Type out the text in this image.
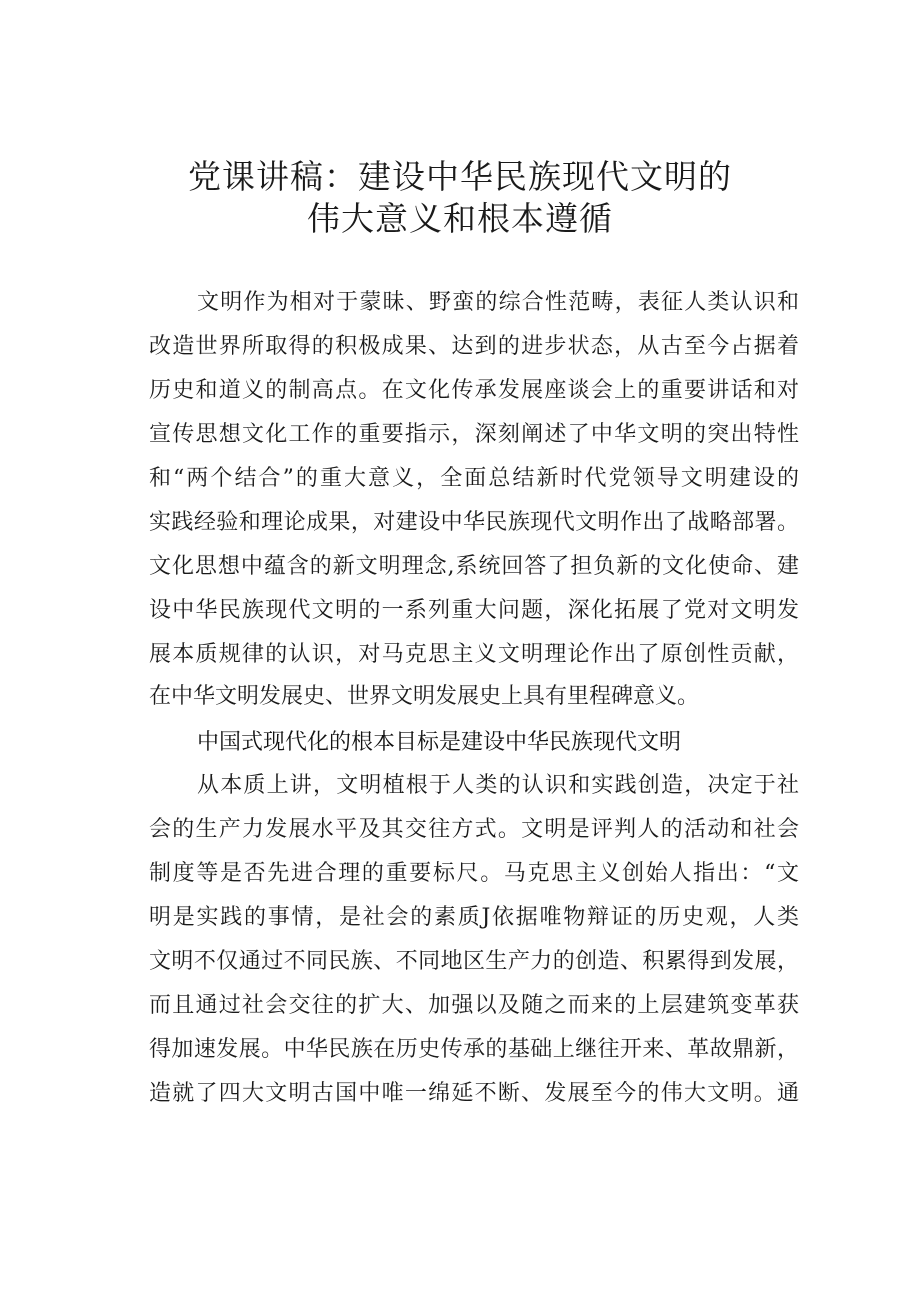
党课讲稿：建设中华民族现代文明的
伟大意义和根本遵循
文明作为相对于蒙昧、野蛮的综合性范畴，表征人类认识和
改造世界所取得的积极成果、达到的进步状态，从古至今占据着
历史和道义的制高点。在文化传承发展座谈会上的重要讲话和对
宣传思想文化工作的重要指示，深刻阐述了中华文明的突出特性
和“两个结合”的重大意义，全面总结新时代党领导文明建设的
实践经验和理论成果，对建设中华民族现代文明作出了战略部署。
文化思想中蕴含的新文明理念,系统回答了担负新的文化使命、建
设中华民族现代文明的一系列重大问题，深化拓展了党对文明发
展本质规律的认识，对马克思主义文明理论作出了原创性贡献，
在中华文明发展史、世界文明发展史上具有里程碑意义。
中国式现代化的根本目标是建设中华民族现代文明
从本质上讲，文明植根于人类的认识和实践创造，决定于社
会的生产力发展水平及其交往方式。文明是评判人的活动和社会
制度等是否先进合理的重要标尺。马克思主义创始人指出：“文
明是实践的事情，是社会的素质J依据唯物辩证的历史观，人类
文明不仅通过不同民族、不同地区生产力的创造、积累得到发展，
而且通过社会交往的扩大、加强以及随之而来的上层建筑变革获
得加速发展。中华民族在历史传承的基础上继往开来、革故鼎新，
造就了四大文明古国中唯一绵延不断、发展至今的伟大文明。通
